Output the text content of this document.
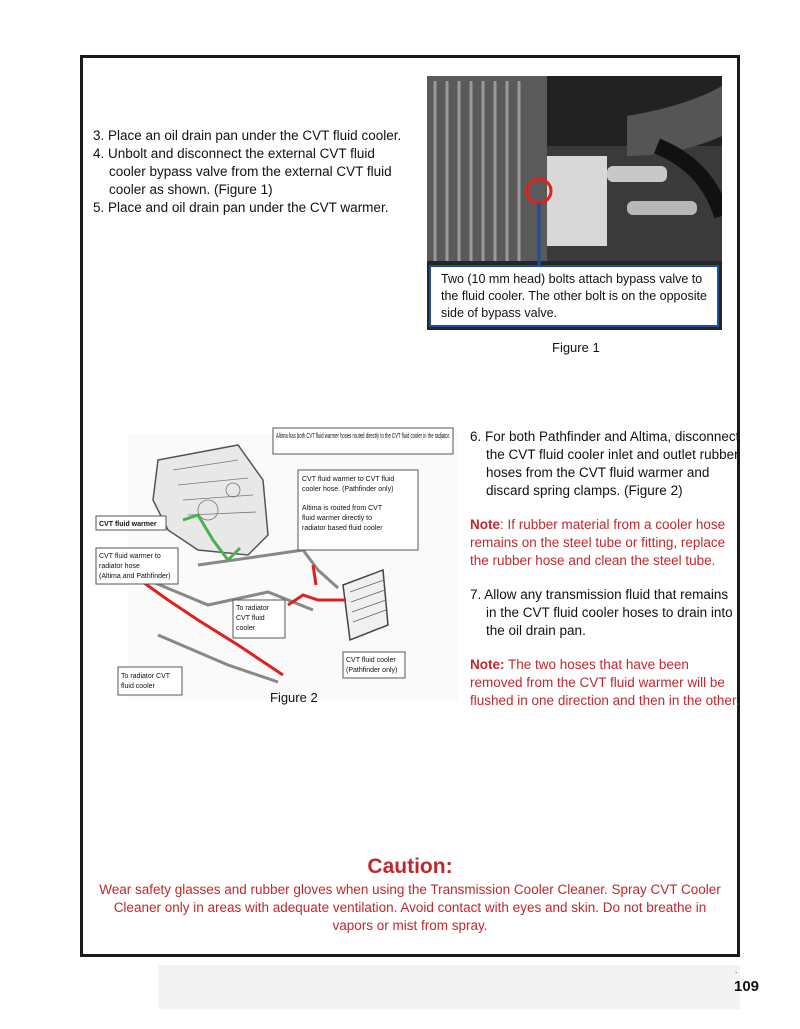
3. Place an oil drain pan under the CVT fluid cooler.

4. Unbolt and disconnect the external CVT fluid cooler bypass valve from the external CVT fluid cooler as shown. (Figure 1)

5. Place and oil drain pan under the CVT warmer.

Two (10 mm head) bolts attach bypass valve to the fluid cooler. The other bolt is on the opposite side of bypass valve.
Figure 1
Altima has both CVT fluid warmer hoses routed directly to the CVT fluid cooler in the radiator.
CVT fluid warmer to CVT fluid
cooler hose. (Pathfinder only)
Altima is routed from CVT
fluid warmer directly to
radiator based fluid cooler
CVT fluid warmer
CVT fluid warmer to
radiator hose
(Altima and Pathfinder)
To radiator
CVT fluid
cooler
CVT fluid cooler
(Pathfinder only)
To radiator CVT
fluid cooler
Figure 2

6. For both Pathfinder and Altima, disconnect the CVT fluid cooler inlet and outlet rubber hoses from the CVT fluid warmer and discard spring clamps. (Figure 2)

Note: If rubber material from a cooler hose remains on the steel tube or fitting, replace the rubber hose and clean the steel tube.

7. Allow any transmission fluid that remains in the CVT fluid cooler hoses to drain into the oil drain pan.

Note: The two hoses that have been removed from the CVT fluid warmer will be flushed in one direction and then in the other.

Caution:
Wear safety glasses and rubber gloves when using the Transmission Cooler Cleaner. Spray CVT Cooler Cleaner only in areas with adequate ventilation. Avoid contact with eyes and skin. Do not breathe in vapors or mist from spray.
.
109
